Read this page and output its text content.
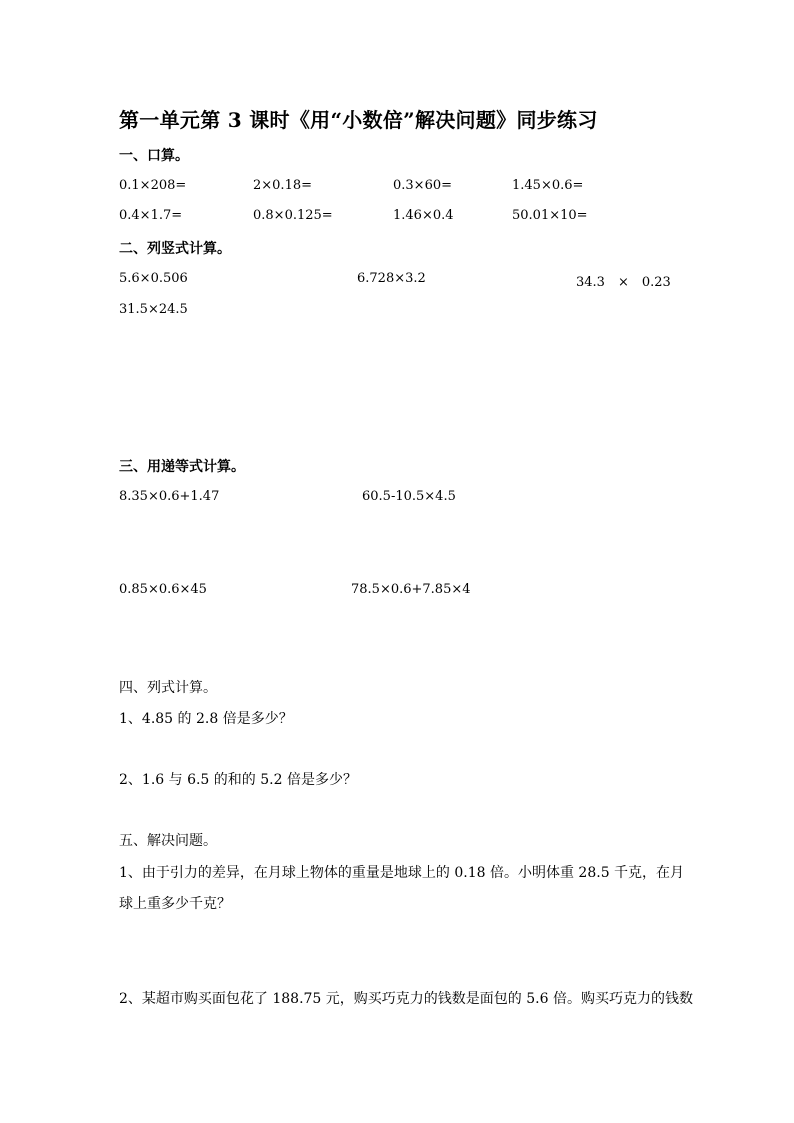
第一单元第 3 课时《用“小数倍”解决问题》同步练习
一、口算。
0.1×208=	2×0.18=	0.3×60=	1.45×0.6=
0.4×1.7=	0.8×0.125=	1.46×0.4	50.01×10=
二、列竖式计算。
5.6×0.506	6.728×3.2	34.3　×　0.23
31.5×24.5
三、用递等式计算。
8.35×0.6+1.47	60.5-10.5×4.5
0.85×0.6×45	78.5×0.6+7.85×4
四、列式计算。
1、4.85 的 2.8 倍是多少？
2、1.6 与 6.5 的和的 5.2 倍是多少？
五、解决问题。
1、由于引力的差异，在月球上物体的重量是地球上的 0.18 倍。小明体重 28.5 千克，在月
球上重多少千克？
2、某超市购买面包花了 188.75 元，购买巧克力的钱数是面包的 5.6 倍。购买巧克力的钱数
